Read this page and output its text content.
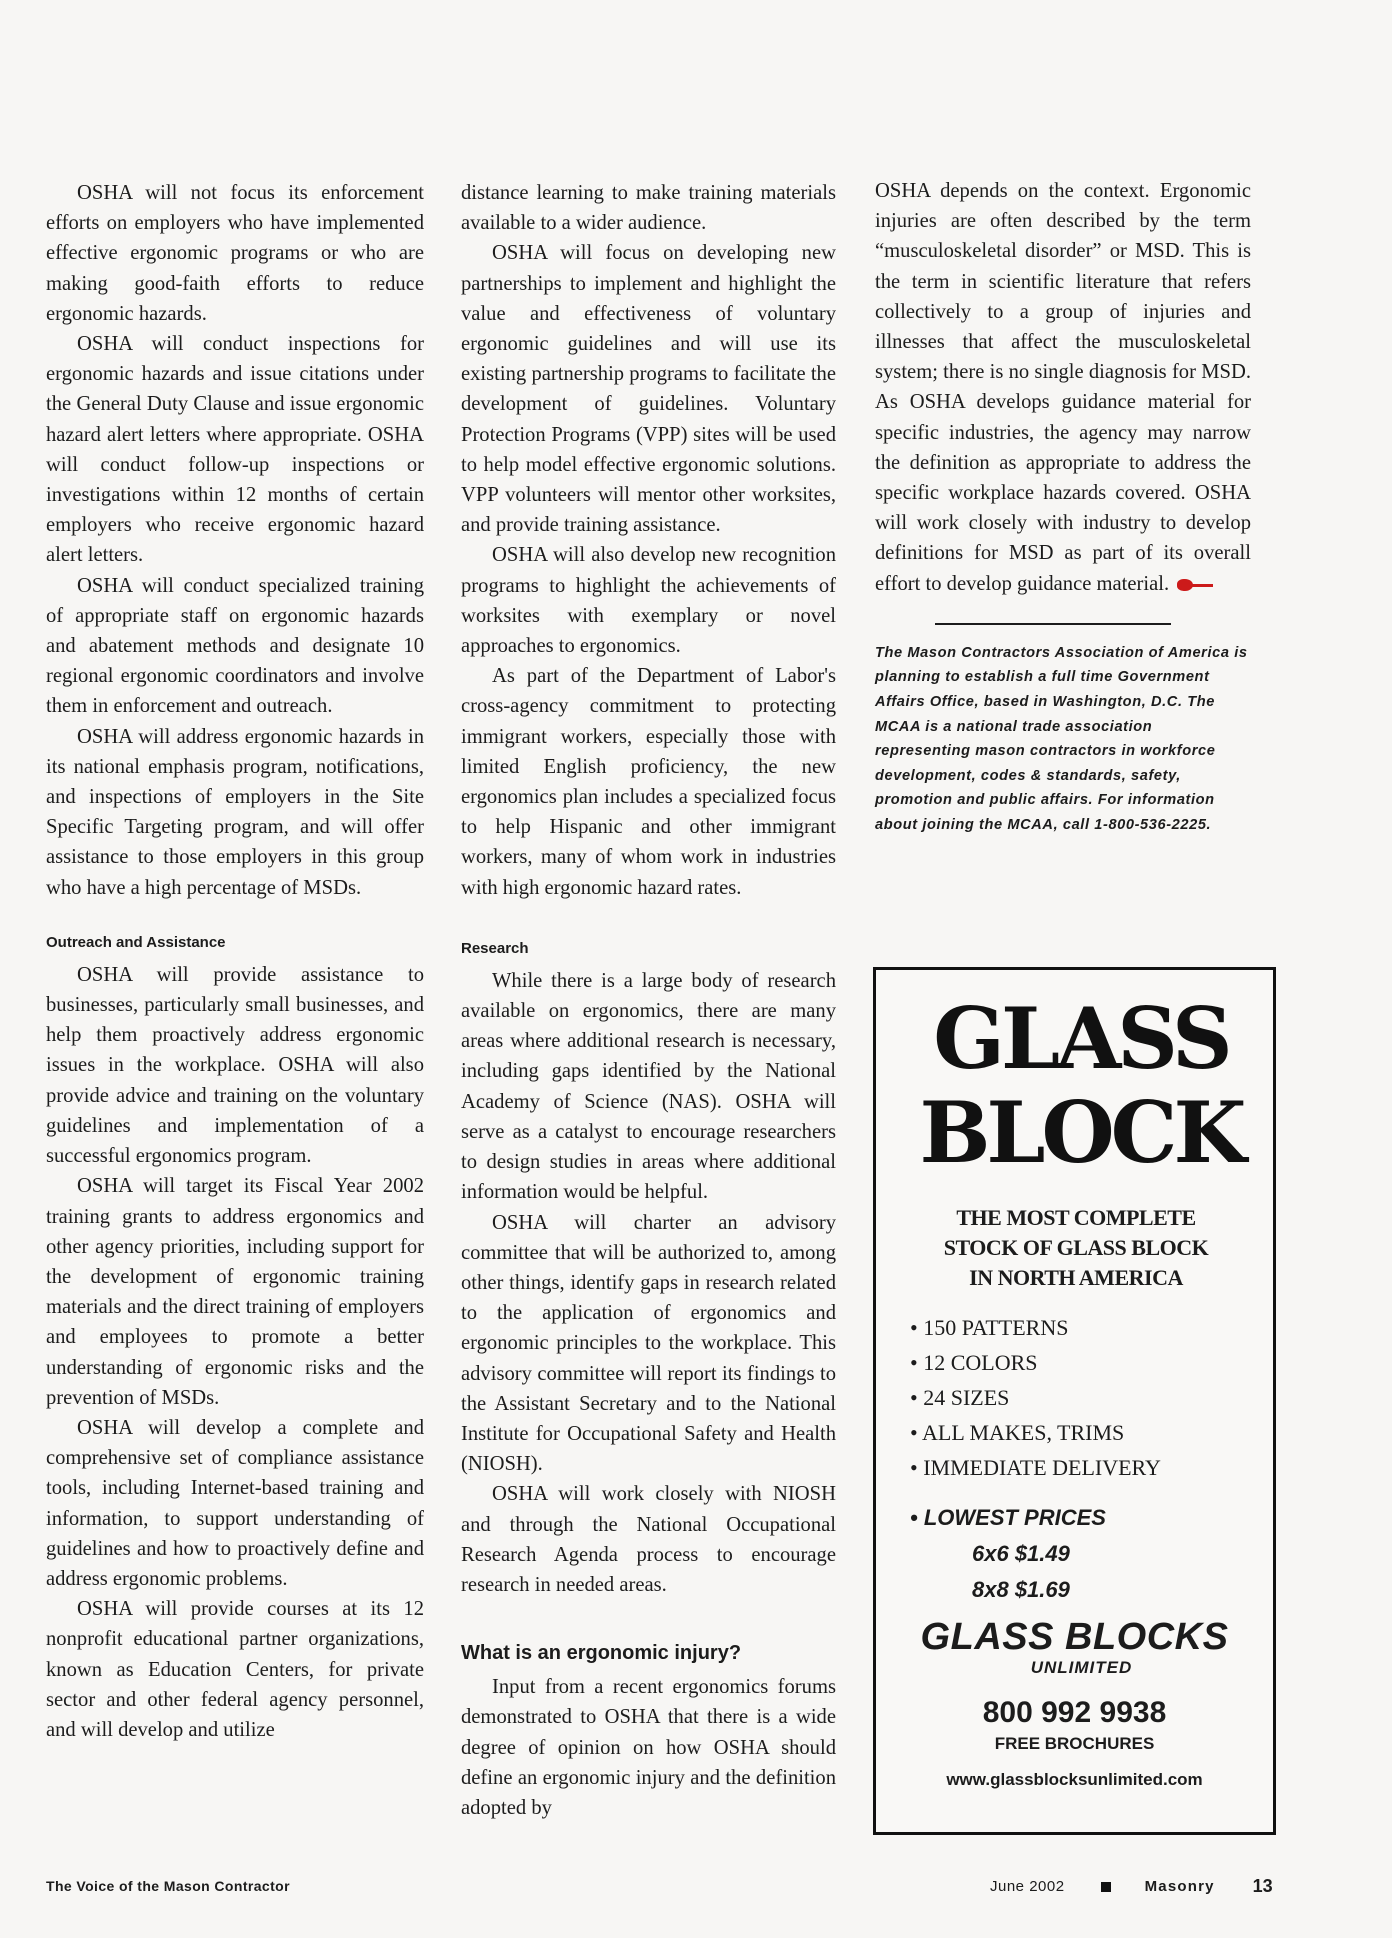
OSHA will not focus its enforcement efforts on employers who have implemented effective ergonomic programs or who are making good-faith efforts to reduce ergonomic hazards.

OSHA will conduct inspections for ergonomic hazards and issue citations under the General Duty Clause and issue ergonomic hazard alert letters where appropriate. OSHA will conduct follow-up inspections or investigations within 12 months of certain employers who receive ergonomic hazard alert letters.

OSHA will conduct specialized training of appropriate staff on ergonomic hazards and abatement methods and designate 10 regional ergonomic coordinators and involve them in enforcement and outreach.

OSHA will address ergonomic hazards in its national emphasis program, notifications, and inspections of employers in the Site Specific Targeting program, and will offer assistance to those employers in this group who have a high percentage of MSDs.

Outreach and Assistance

OSHA will provide assistance to businesses, particularly small businesses, and help them proactively address ergonomic issues in the workplace. OSHA will also provide advice and training on the voluntary guidelines and implementation of a successful ergonomics program.

OSHA will target its Fiscal Year 2002 training grants to address ergonomics and other agency priorities, including support for the development of ergonomic training materials and the direct training of employers and employees to promote a better understanding of ergonomic risks and the prevention of MSDs.

OSHA will develop a complete and comprehensive set of compliance assistance tools, including Internet-based training and information, to support understanding of guidelines and how to proactively define and address ergonomic problems.

OSHA will provide courses at its 12 nonprofit educational partner organizations, known as Education Centers, for private sector and other federal agency personnel, and will develop and utilize

distance learning to make training materials available to a wider audience.

OSHA will focus on developing new partnerships to implement and highlight the value and effectiveness of voluntary ergonomic guidelines and will use its existing partnership programs to facilitate the development of guidelines. Voluntary Protection Programs (VPP) sites will be used to help model effective ergonomic solutions. VPP volunteers will mentor other worksites, and provide training assistance.

OSHA will also develop new recognition programs to highlight the achievements of worksites with exemplary or novel approaches to ergonomics.

As part of the Department of Labor's cross-agency commitment to protecting immigrant workers, especially those with limited English proficiency, the new ergonomics plan includes a specialized focus to help Hispanic and other immigrant workers, many of whom work in industries with high ergonomic hazard rates.

Research

While there is a large body of research available on ergonomics, there are many areas where additional research is necessary, including gaps identified by the National Academy of Science (NAS). OSHA will serve as a catalyst to encourage researchers to design studies in areas where additional information would be helpful.

OSHA will charter an advisory committee that will be authorized to, among other things, identify gaps in research related to the application of ergonomics and ergonomic principles to the workplace. This advisory committee will report its findings to the Assistant Secretary and to the National Institute for Occupational Safety and Health (NIOSH).

OSHA will work closely with NIOSH and through the National Occupational Research Agenda process to encourage research in needed areas.

What is an ergonomic injury?

Input from a recent ergonomics forums demonstrated to OSHA that there is a wide degree of opinion on how OSHA should define an ergonomic injury and the definition adopted by

OSHA depends on the context. Ergonomic injuries are often described by the term “musculoskeletal disorder” or MSD. This is the term in scientific literature that refers collectively to a group of injuries and illnesses that affect the musculoskeletal system; there is no single diagnosis for MSD. As OSHA develops guidance material for specific industries, the agency may narrow the definition as appropriate to address the specific workplace hazards covered. OSHA will work closely with industry to develop definitions for MSD as part of its overall effort to develop guidance material.

The Mason Contractors Association of America is planning to establish a full time Government Affairs Office, based in Washington, D.C. The MCAA is a national trade association representing mason contractors in workforce development, codes & standards, safety, promotion and public affairs. For information about joining the MCAA, call 1-800-536-2225.
GLASS
BLOCK
THE MOST COMPLETE
STOCK OF GLASS BLOCK
IN NORTH AMERICA
• 150 PATTERNS
• 12 COLORS
• 24 SIZES
• ALL MAKES, TRIMS
• IMMEDIATE DELIVERY
• LOWEST PRICES
6x6 $1.49
8x8 $1.69
GLASS BLOCKS
UNLIMITED
800 992 9938
FREE BROCHURES
www.glassblocksunlimited.com
The Voice of the Mason Contractor	June 2002	Masonry 13
